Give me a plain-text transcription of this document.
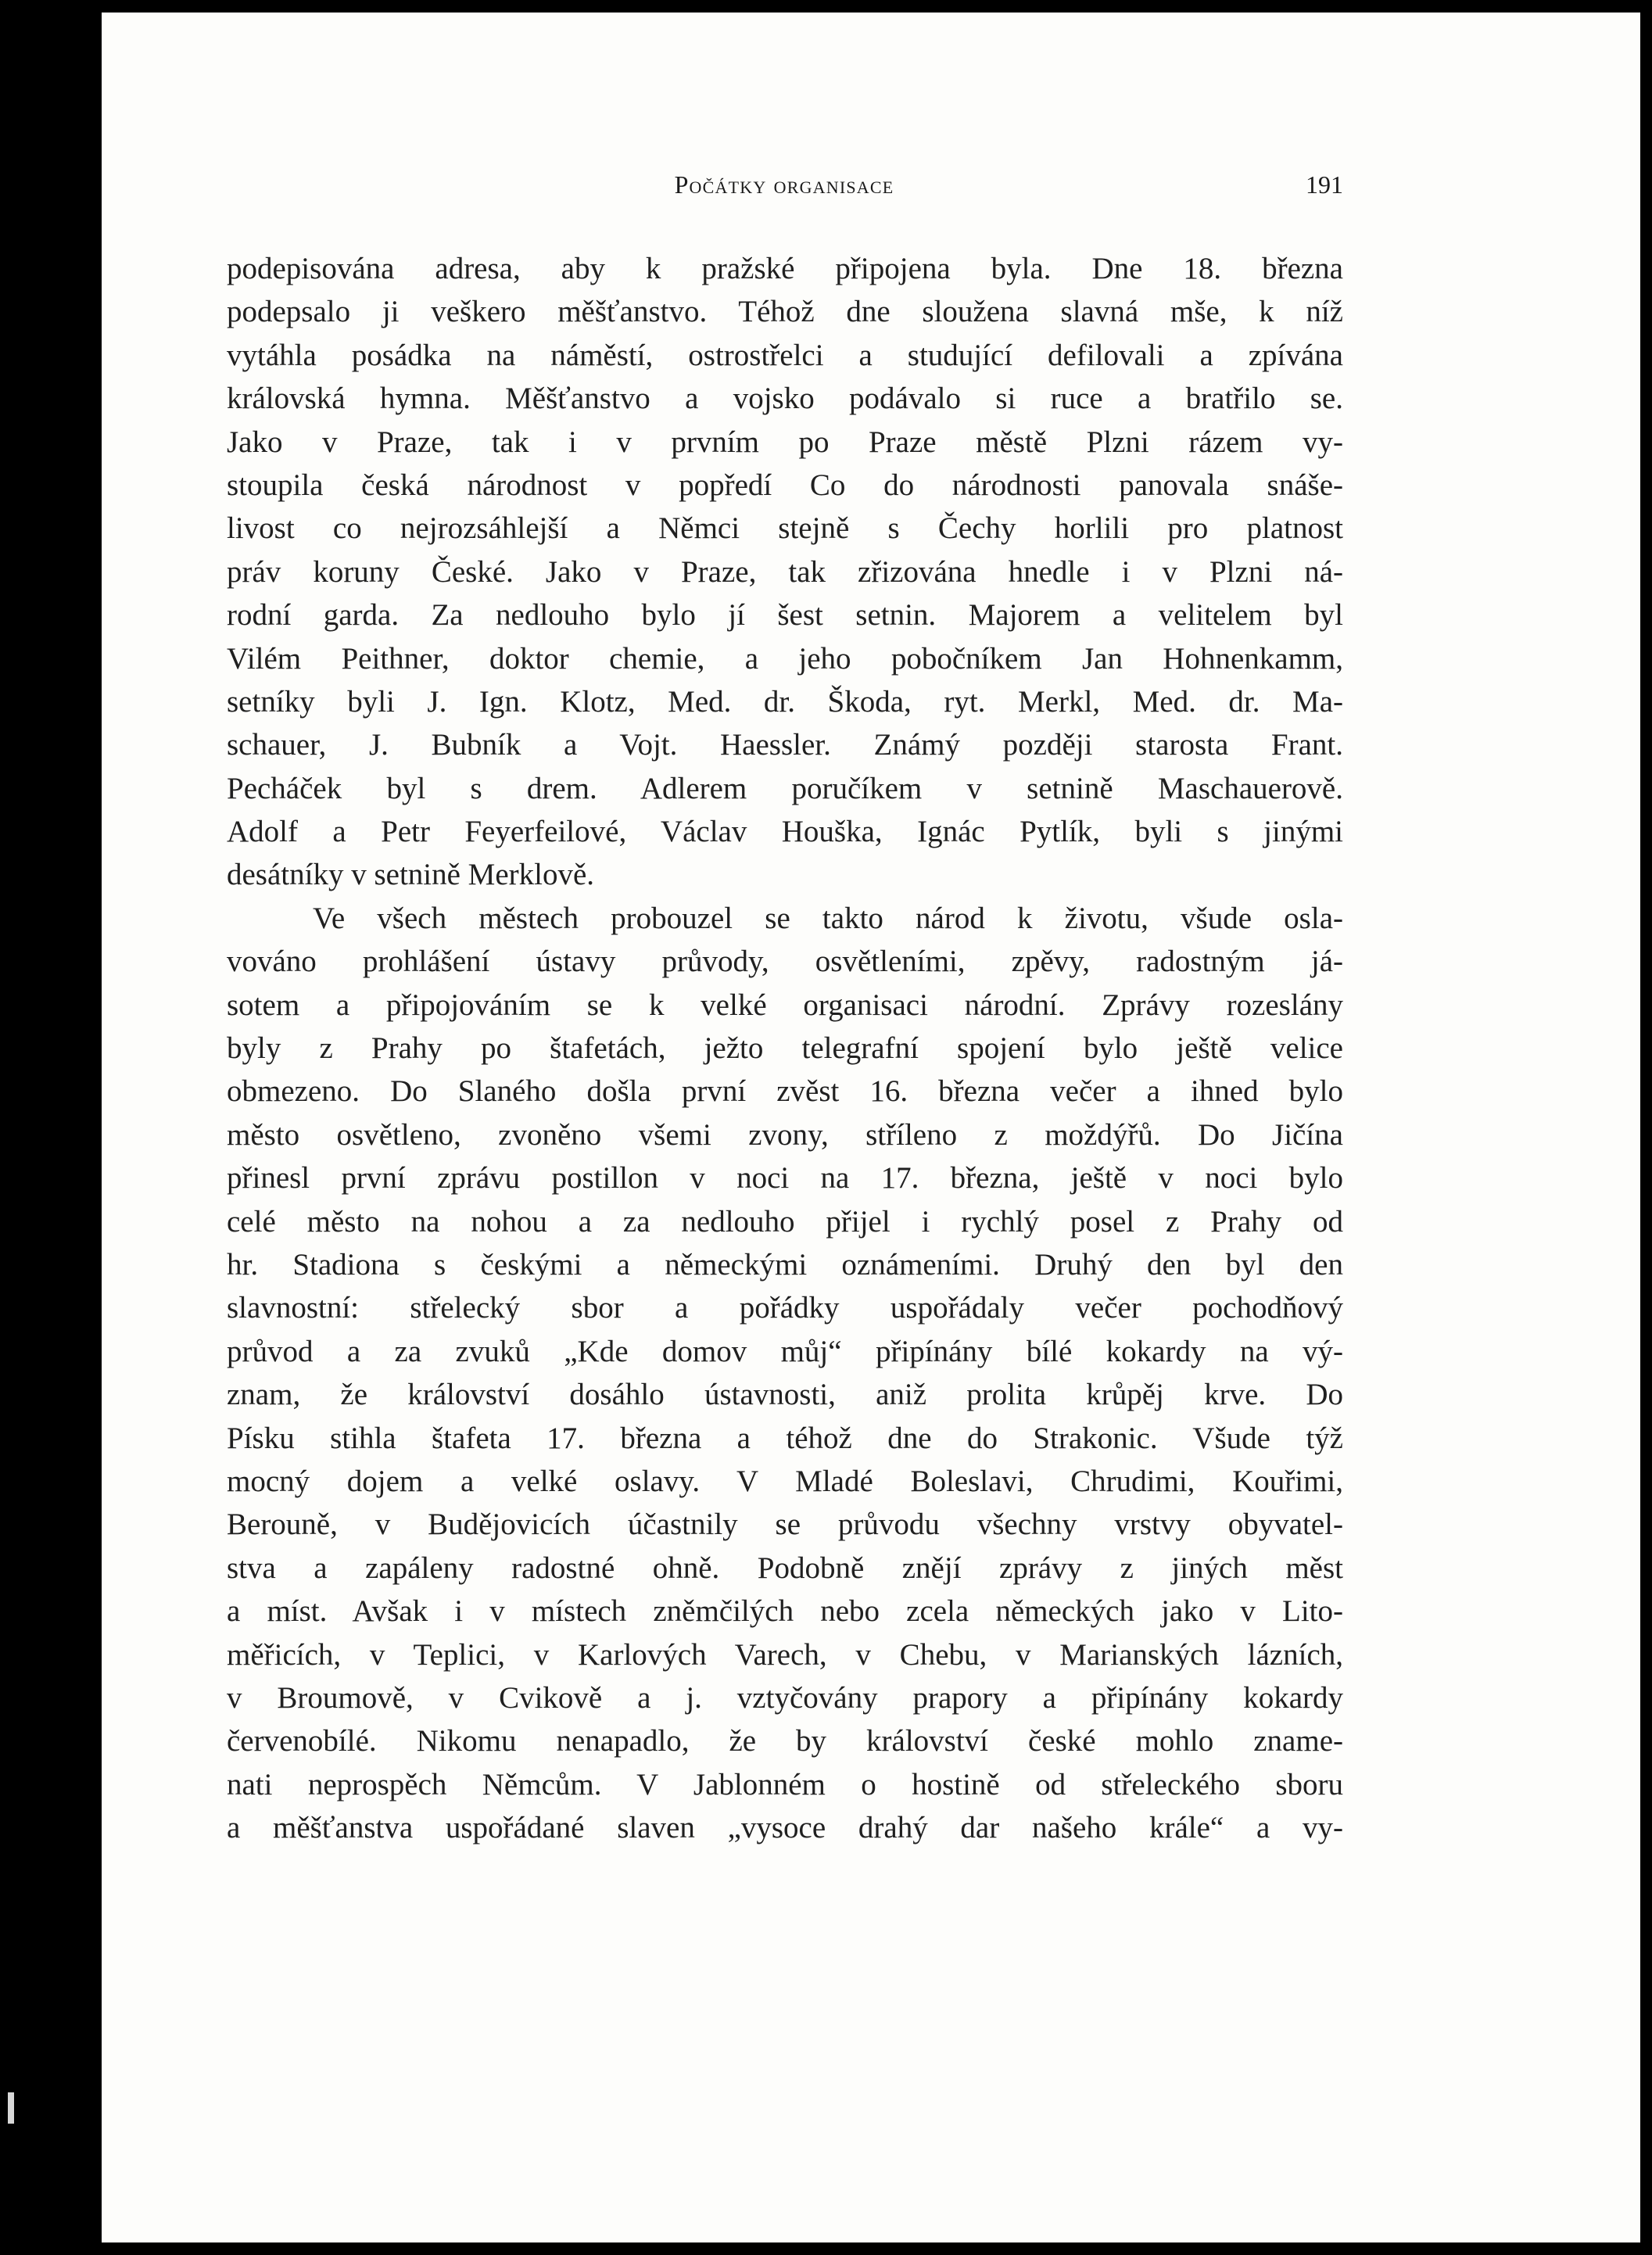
Počátky organisace	191
podepisována adresa, aby k pražské připojena byla. Dne 18. března
podepsalo ji veškero měšťanstvo. Téhož dne sloužena slavná mše, k níž
vytáhla posádka na náměstí, ostrostřelci a studující defilovali a zpívána
královská hymna. Měšťanstvo a vojsko podávalo si ruce a bratřilo se.
Jako v Praze, tak i v prvním po Praze městě Plzni rázem vy-
stoupila česká národnost v popředí Co do národnosti panovala snáše-
livost co nejrozsáhlejší a Němci stejně s Čechy horlili pro platnost
práv koruny České. Jako v Praze, tak zřizována hnedle i v Plzni ná-
rodní garda. Za nedlouho bylo jí šest setnin. Majorem a velitelem byl
Vilém Peithner, doktor chemie, a jeho pobočníkem Jan Hohnenkamm,
setníky byli J. Ign. Klotz, Med. dr. Škoda, ryt. Merkl, Med. dr. Ma-
schauer, J. Bubník a Vojt. Haessler. Známý později starosta Frant.
Pecháček byl s drem. Adlerem poručíkem v setnině Maschauerově.
Adolf a Petr Feyerfeilové, Václav Houška, Ignác Pytlík, byli s jinými
desátníky v setnině Merklově.
Ve všech městech probouzel se takto národ k životu, všude osla-
vováno prohlášení ústavy průvody, osvětleními, zpěvy, radostným já-
sotem a připojováním se k velké organisaci národní. Zprávy rozeslány
byly z Prahy po štafetách, ježto telegrafní spojení bylo ještě velice
obmezeno. Do Slaného došla první zvěst 16. března večer a ihned bylo
město osvětleno, zvoněno všemi zvony, stříleno z moždýřů. Do Jičína
přinesl první zprávu postillon v noci na 17. března, ještě v noci bylo
celé město na nohou a za nedlouho přijel i rychlý posel z Prahy od
hr. Stadiona s českými a německými oznámeními. Druhý den byl den
slavnostní: střelecký sbor a pořádky uspořádaly večer pochodňový
průvod a za zvuků „Kde domov můj“ připínány bílé kokardy na vý-
znam, že království dosáhlo ústavnosti, aniž prolita krůpěj krve. Do
Písku stihla štafeta 17. března a téhož dne do Strakonic. Všude týž
mocný dojem a velké oslavy. V Mladé Boleslavi, Chrudimi, Kouřimi,
Berouně, v Budějovicích účastnily se průvodu všechny vrstvy obyvatel-
stva a zapáleny radostné ohně. Podobně znějí zprávy z jiných měst
a míst. Avšak i v místech zněmčilých nebo zcela německých jako v Lito-
měřicích, v Teplici, v Karlových Varech, v Chebu, v Marianských lázních,
v Broumově, v Cvikově a j. vztyčovány prapory a připínány kokardy
červenobílé. Nikomu nenapadlo, že by království české mohlo zname-
nati neprospěch Němcům. V Jablonném o hostině od střeleckého sboru
a měšťanstva uspořádané slaven „vysoce drahý dar našeho krále“ a vy-
